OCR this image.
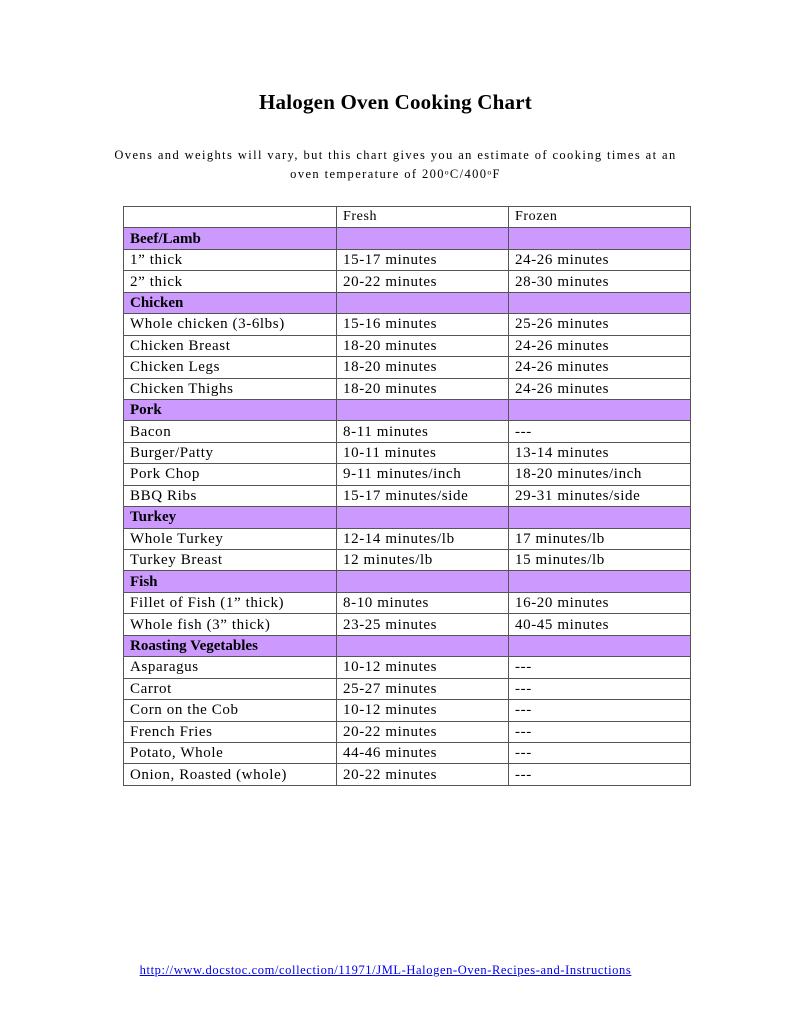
Halogen Oven Cooking Chart
Ovens and weights will vary, but this chart gives you an estimate of cooking times at an oven temperature of 200ᵒC/400ᵒF
	Fresh	Frozen
Beef/Lamb		
1” thick	15-17 minutes	24-26 minutes
2” thick	20-22 minutes	28-30 minutes
Chicken		
Whole chicken (3-6lbs)	15-16 minutes	25-26 minutes
Chicken Breast	18-20 minutes	24-26 minutes
Chicken Legs	18-20 minutes	24-26 minutes
Chicken Thighs	18-20 minutes	24-26 minutes
Pork		
Bacon	8-11 minutes	---
Burger/Patty	10-11 minutes	13-14 minutes
Pork Chop	9-11 minutes/inch	18-20 minutes/inch
BBQ Ribs	15-17 minutes/side	29-31 minutes/side
Turkey		
Whole Turkey	12-14 minutes/lb	17 minutes/lb
Turkey Breast	12 minutes/lb	15 minutes/lb
Fish		
Fillet of Fish (1” thick)	8-10 minutes	16-20 minutes
Whole fish (3” thick)	23-25 minutes	40-45 minutes
Roasting Vegetables		
Asparagus	10-12 minutes	---
Carrot	25-27 minutes	---
Corn on the Cob	10-12 minutes	---
French Fries	20-22 minutes	---
Potato, Whole	44-46 minutes	---
Onion, Roasted (whole)	20-22 minutes	---
http://www.docstoc.com/collection/11971/JML-Halogen-Oven-Recipes-and-Instructions
